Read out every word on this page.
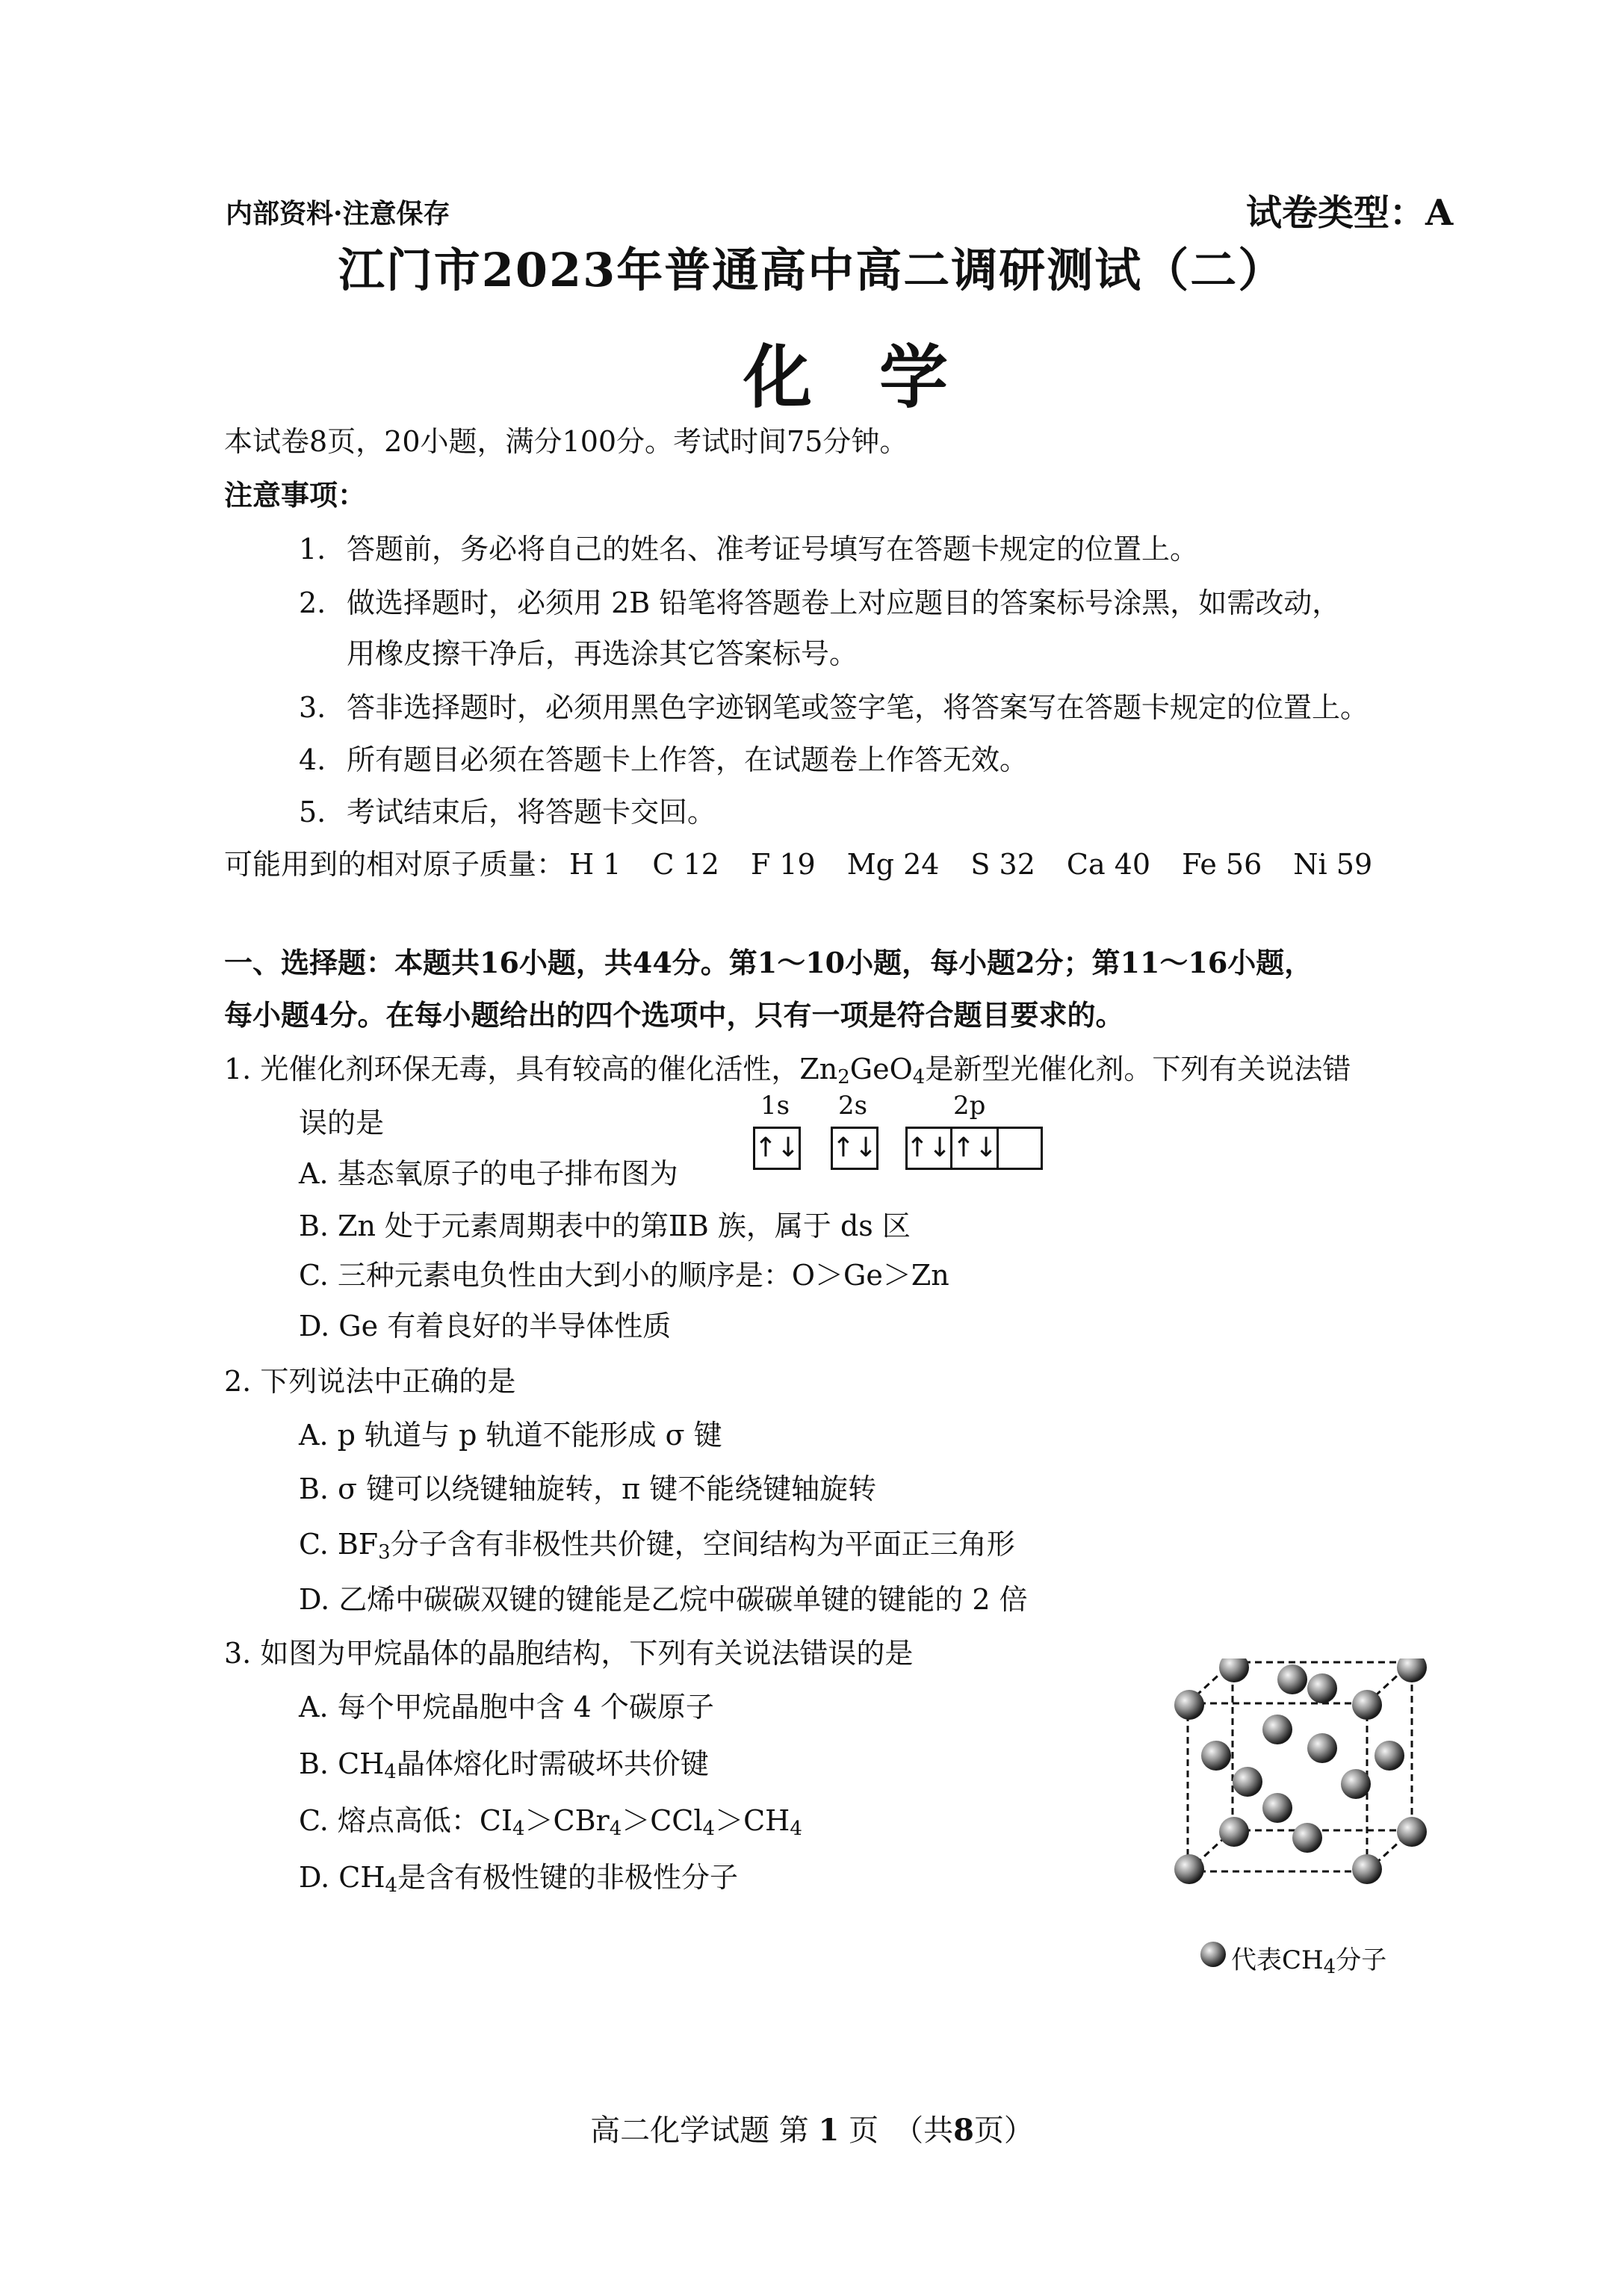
内部资料·注意保存	试卷类型：A
江门市2023年普通高中高二调研测试（二）
化学
本试卷8页，20小题，满分100分。考试时间75分钟。
注意事项：
1. 答题前，务必将自己的姓名、准考证号填写在答题卡规定的位置上。
2. 做选择题时，必须用 2B 铅笔将答题卷上对应题目的答案标号涂黑，如需改动，
用橡皮擦干净后，再选涂其它答案标号。
3. 答非选择题时，必须用黑色字迹钢笔或签字笔，将答案写在答题卡规定的位置上。
4. 所有题目必须在答题卡上作答，在试题卷上作答无效。
5. 考试结束后，将答题卡交回。
可能用到的相对原子质量： H 1 C 12 F 19 Mg 24 S 32 Ca 40 Fe 56 Ni 59
一、选择题：本题共16小题，共44分。第1～10小题，每小题2分；第11～16小题，
每小题4分。在每小题给出的四个选项中，只有一项是符合题目要求的。
1. 光催化剂环保无毒，具有较高的催化活性，$Zn_2GeO_4$是新型光催化剂。下列有关说法错
误的是
A. 基态氧原子的电子排布图为
1s 2s	2p
↑↓ ↑↓ ↑↓ ↑↓
B. Zn 处于元素周期表中的第ⅡB 族，属于 ds 区
C. 三种元素电负性由大到小的顺序是：O＞Ge＞Zn
D. Ge 有着良好的半导体性质
2. 下列说法中正确的是
A. p 轨道与 p 轨道不能形成 σ 键
B. σ 键可以绕键轴旋转，π 键不能绕键轴旋转
C. $BF_3$分子含有非极性共价键，空间结构为平面正三角形
D. 乙烯中碳碳双键的键能是乙烷中碳碳单键的键能的 2 倍
3. 如图为甲烷晶体的晶胞结构，下列有关说法错误的是
A. 每个甲烷晶胞中含 4 个碳原子
B. $CH_4$晶体熔化时需破坏共价键
C. 熔点高低：$CI_4>CBr_4>CCl_4>CH_4$
D. $CH_4$是含有极性键的非极性分子
代表$CH_4$分子
高二化学试题 第 1 页　（共8页）
